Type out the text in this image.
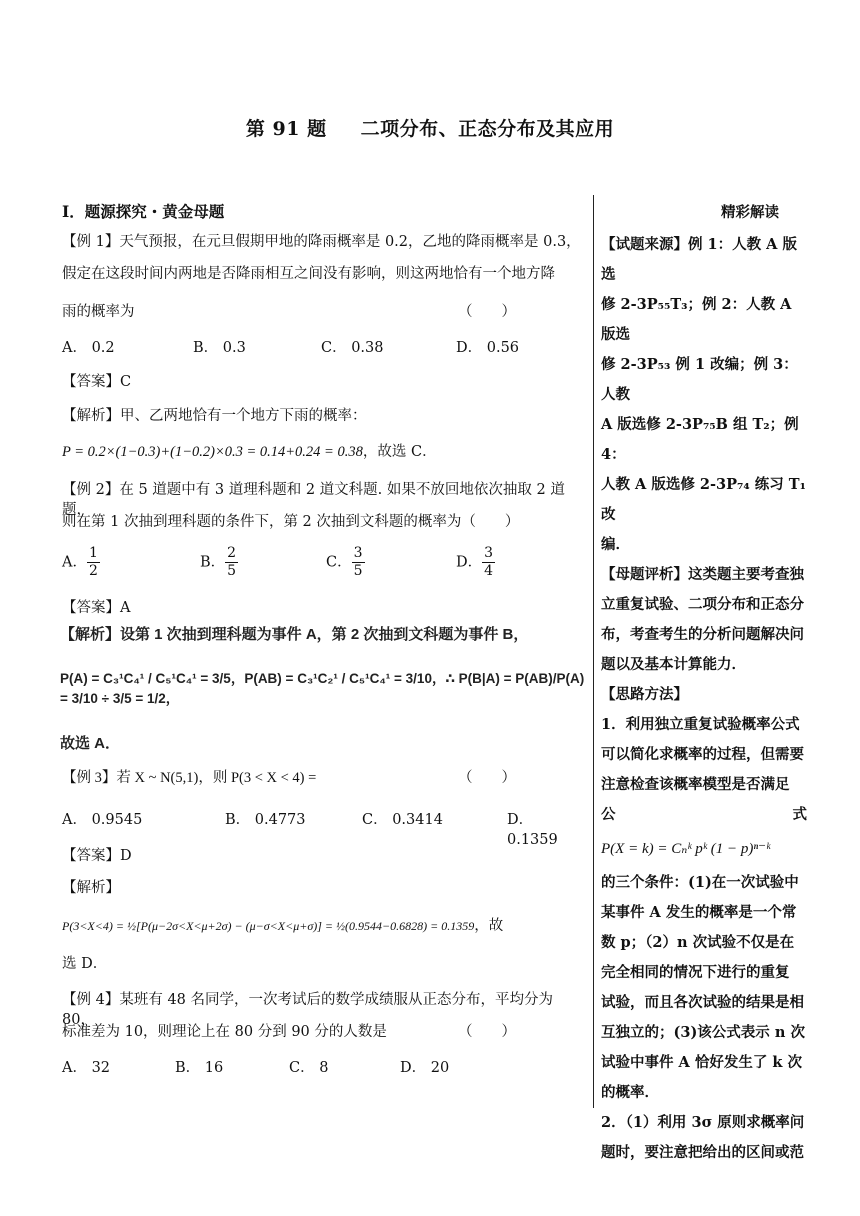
第 91 题 二项分布、正态分布及其应用
I．题源探究・黄金母题
【例 1】天气预报，在元旦假期甲地的降雨概率是 0.2，乙地的降雨概率是 0.3，
假定在这段时间内两地是否降雨相互之间没有影响，则这两地恰有一个地方降
雨的概率为	（　　）
A． 0.2	B． 0.3	C． 0.38	D． 0.56
【答案】C
【解析】甲、乙两地恰有一个地方下雨的概率：
P = 0.2×(1−0.3)+(1−0.2)×0.3 = 0.14+0.24 = 0.38，故选 C．
【例 2】在 5 道题中有 3 道理科题和 2 道文科题. 如果不放回地依次抽取 2 道题，
则在第 1 次抽到理科题的条件下，第 2 次抽到文科题的概率为（　　）
A． $\frac{1}{2}$	B． $\frac{2}{5}$	C． $\frac{3}{5}$	D． $\frac{3}{4}$
【答案】A
【解析】设第 1 次抽到理科题为事件 A，第 2 次抽到文科题为事件 B，
P(A) = C₃¹C₄¹ / C₅¹C₄¹ = 3/5，P(AB) = C₃¹C₂¹ / C₅¹C₄¹ = 3/10，∴ P(B|A) = P(AB)/P(A) = 3/10 ÷ 3/5 = 1/2，
故选 A．
【例 3】若 X ~ N(5,1)，则 P(3 < X < 4) =	（　　）
A． 0.9545	B． 0.4773	C． 0.3414	D． 0.1359
【答案】D
【解析】
P(3<X<4) = ½[P(μ−2σ<X<μ+2σ) − (μ−σ<X<μ+σ)] = ½(0.9544−0.6828) = 0.1359，故
选 D．
【例 4】某班有 48 名同学，一次考试后的数学成绩服从正态分布，平均分为 80，
标准差为 10，则理论上在 80 分到 90 分的人数是	（　　）
A． 32	B． 16	C． 8	D． 20
精彩解读
【试题来源】例 1：人教 A 版选
修 2-3P₅₅T₃；例 2：人教 A 版选
修 2-3P₅₃ 例 1 改编；例 3：人教
A 版选修 2-3P₇₅B 组 T₂；例 4：
人教 A 版选修 2-3P₇₄ 练习 T₁ 改
编．
【母题评析】这类题主要考查独
立重复试验、二项分布和正态分
布，考查考生的分析问题解决问
题以及基本计算能力．
【思路方法】
1．利用独立重复试验概率公式
可以简化求概率的过程，但需要
注意检查该概率模型是否满足
公	式
P(X = k) = Cₙᵏ pᵏ (1 − p)ⁿ⁻ᵏ
的三个条件：(1)在一次试验中
某事件 A 发生的概率是一个常
数 p；（2）n 次试验不仅是在
完全相同的情况下进行的重复
试验，而且各次试验的结果是相
互独立的；(3)该公式表示 n 次
试验中事件 A 恰好发生了 k 次
的概率．
2．（1）利用 3σ 原则求概率问
题时，要注意把给出的区间或范
